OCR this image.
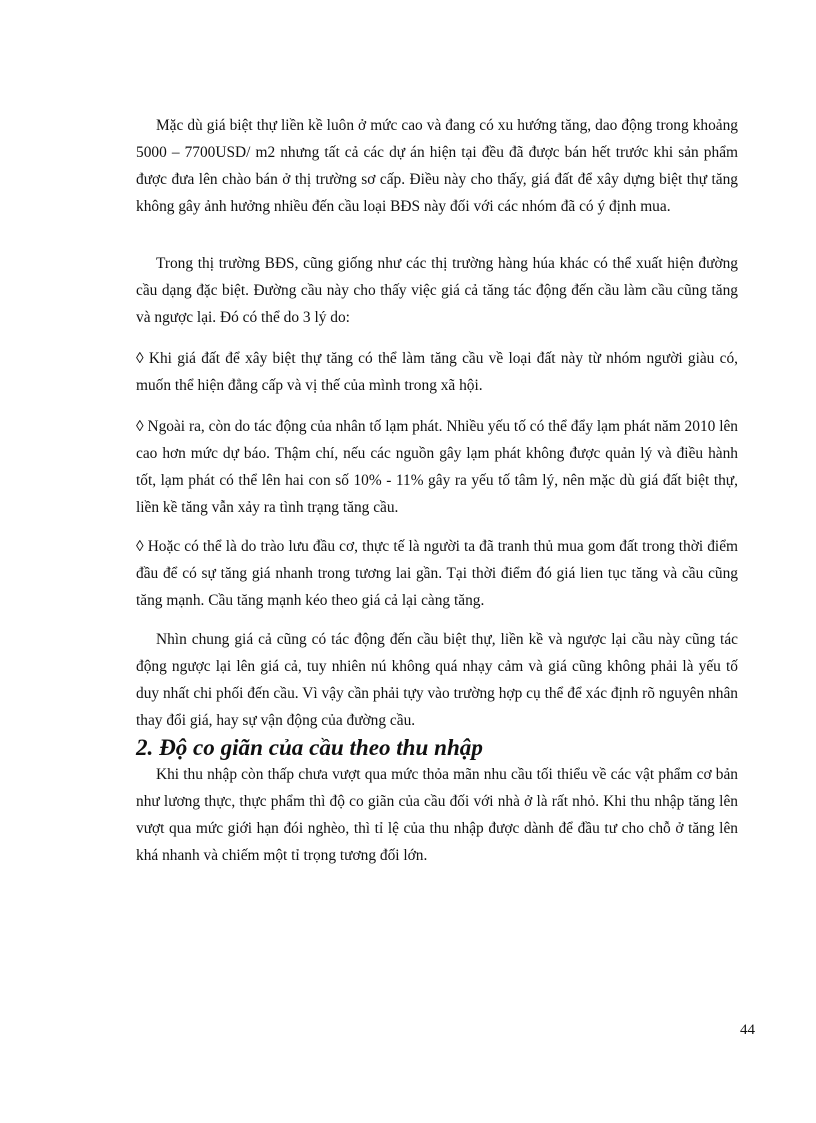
Mặc dù giá biệt thự liền kề luôn ở mức cao và đang có xu hướng tăng, dao động trong khoảng 5000 – 7700USD/ m2 nhưng tất cả các dự án hiện tại đều đã được bán hết trước khi sản phẩm được đưa lên chào bán ở thị trường sơ cấp. Điều này cho thấy, giá đất để xây dựng biệt thự tăng không gây ảnh hưởng nhiều đến cầu loại BĐS này đối với các nhóm đã có ý định mua.

Trong thị trường BĐS, cũng giống như các thị trường hàng húa khác có thể xuất hiện đường cầu dạng đặc biệt. Đường cầu này cho thấy việc giá cả tăng tác động đến cầu làm cầu cũng tăng và ngược lại. Đó có thể do 3 lý do:

◊ Khi giá đất để xây biệt thự tăng có thể làm tăng cầu về loại đất này từ nhóm người giàu có, muốn thể hiện đẳng cấp và vị thế của mình trong xã hội.

◊ Ngoài ra, còn do tác động của nhân tố lạm phát. Nhiều yếu tố có thể đẩy lạm phát năm 2010 lên cao hơn mức dự báo. Thậm chí, nếu các nguồn gây lạm phát không được quản lý và điều hành tốt, lạm phát có thể lên hai con số 10% - 11% gây ra yếu tố tâm lý, nên mặc dù giá đất biệt thự, liền kề tăng vẫn xảy ra tình trạng tăng cầu.

◊ Hoặc có thể là do trào lưu đầu cơ, thực tế là người ta đã tranh thủ mua gom đất trong thời điểm đầu để có sự tăng giá nhanh trong tương lai gần. Tại thời điểm đó giá lien tục tăng và cầu cũng tăng mạnh. Cầu tăng mạnh kéo theo giá cả lại càng tăng.

Nhìn chung giá cả cũng có tác động đến cầu biệt thự, liền kề và ngược lại cầu này cũng tác động ngược lại lên giá cả, tuy nhiên nú không quá nhạy cảm và giá cũng không phải là yếu tố duy nhất chi phối đến cầu. Vì vậy cần phải tựy vào trường hợp cụ thể để xác định rõ nguyên nhân thay đổi giá, hay sự vận động của đường cầu.

2. Độ co giãn của cầu theo thu nhập

Khi thu nhập còn thấp chưa vượt qua mức thỏa mãn nhu cầu tối thiểu về các vật phẩm cơ bản như lương thực, thực phẩm thì độ co giãn của cầu đối với nhà ở là rất nhỏ. Khi thu nhập tăng lên vượt qua mức giới hạn đói nghèo, thì tỉ lệ của thu nhập được dành để đầu tư cho chỗ ở tăng lên khá nhanh và chiếm một tỉ trọng tương đối lớn.

44
